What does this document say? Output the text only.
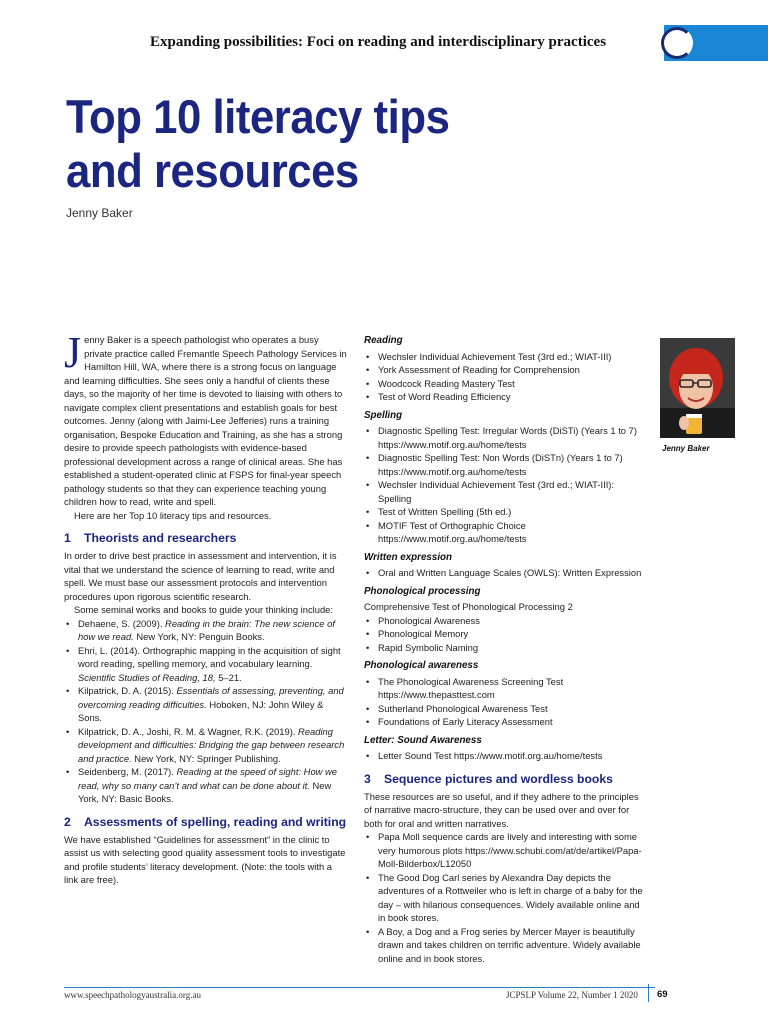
Expanding possibilities: Foci on reading and interdisciplinary practices
Top 10 literacy tips
and resources
Jenny Baker

Jenny Baker is a speech pathologist who operates a busy private practice called Fremantle Speech Pathology Services in Hamilton Hill, WA, where there is a strong focus on language and learning difficulties. She sees only a handful of clients these days, so the majority of her time is devoted to liaising with others to navigate complex client presentations and establish goals for best outcomes. Jenny (along with Jaimi-Lee Jefferies) runs a training organisation, Bespoke Education and Training, as she has a strong desire to provide speech pathologists with evidence-based professional development across a range of clinical areas. She has established a student-operated clinic at FSPS for final-year speech pathology students so that they can experience teaching young children how to read, write and spell.

Here are her Top 10 literacy tips and resources.

1	Theorists and researchers

In order to drive best practice in assessment and intervention, it is vital that we understand the science of learning to read, write and spell. We must base our assessment protocols and intervention procedures upon rigorous scientific research.

Some seminal works and books to guide your thinking include:

• Dehaene, S. (2009). Reading in the brain: The new science of how we read. New York, NY: Penguin Books.
• Ehri, L. (2014). Orthographic mapping in the acquisition of sight word reading, spelling memory, and vocabulary learning. Scientific Studies of Reading, 18, 5–21.
• Kilpatrick, D. A. (2015). Essentials of assessing, preventing, and overcoming reading difficulties. Hoboken, NJ: John Wiley & Sons.
• Kilpatrick, D. A., Joshi, R. M. & Wagner, R.K. (2019). Reading development and difficulties: Bridging the gap between research and practice. New York, NY: Springer Publishing.
• Seidenberg, M. (2017). Reading at the speed of sight: How we read, why so many can’t and what can be done about it. New York, NY: Basic Books.
2	Assessments of spelling, reading and writing

We have established “Guidelines for assessment” in the clinic to assist us with selecting good quality assessment tools to investigate and profile students’ literacy development. (Note: the tools with a link are free).

Reading
• Wechsler Individual Achievement Test (3rd ed.; WIAT-III)
• York Assessment of Reading for Comprehension
• Woodcock Reading Mastery Test
• Test of Word Reading Efficiency
Spelling
• Diagnostic Spelling Test: Irregular Words (DiSTi) (Years 1 to 7) https://www.motif.org.au/home/tests
• Diagnostic Spelling Test: Non Words (DiSTn) (Years 1 to 7) https://www.motif.org.au/home/tests
• Wechsler Individual Achievement Test (3rd ed.; WIAT-III): Spelling
• Test of Written Spelling (5th ed.)
• MOTIF Test of Orthographic Choice https://www.motif.org.au/home/tests
Written expression
• Oral and Written Language Scales (OWLS): Written Expression
Phonological processing

Comprehensive Test of Phonological Processing 2

• Phonological Awareness
• Phonological Memory
• Rapid Symbolic Naming
Phonological awareness
• The Phonological Awareness Screening Test https://www.thepasttest.com
• Sutherland Phonological Awareness Test
• Foundations of Early Literacy Assessment
Letter: Sound Awareness
• Letter Sound Test https://www.motif.org.au/home/tests
3	Sequence pictures and wordless books

These resources are so useful, and if they adhere to the principles of narrative macro-structure, they can be used over and over for both for oral and written narratives.

• Papa Moll sequence cards are lively and interesting with some very humorous plots https://www.schubi.com/at/de/artikel/Papa-Moll-Bilderbox/L12050
• The Good Dog Carl series by Alexandra Day depicts the adventures of a Rottweiler who is left in charge of a baby for the day – with hilarious consequences. Widely available online and in book stores.
• A Boy, a Dog and a Frog series by Mercer Mayer is beautifully drawn and takes children on terrific adventure. Widely available online and in book stores.
Jenny Baker
www.speechpathologyaustralia.org.au	JCPSLP Volume 22, Number 1 2020 69
